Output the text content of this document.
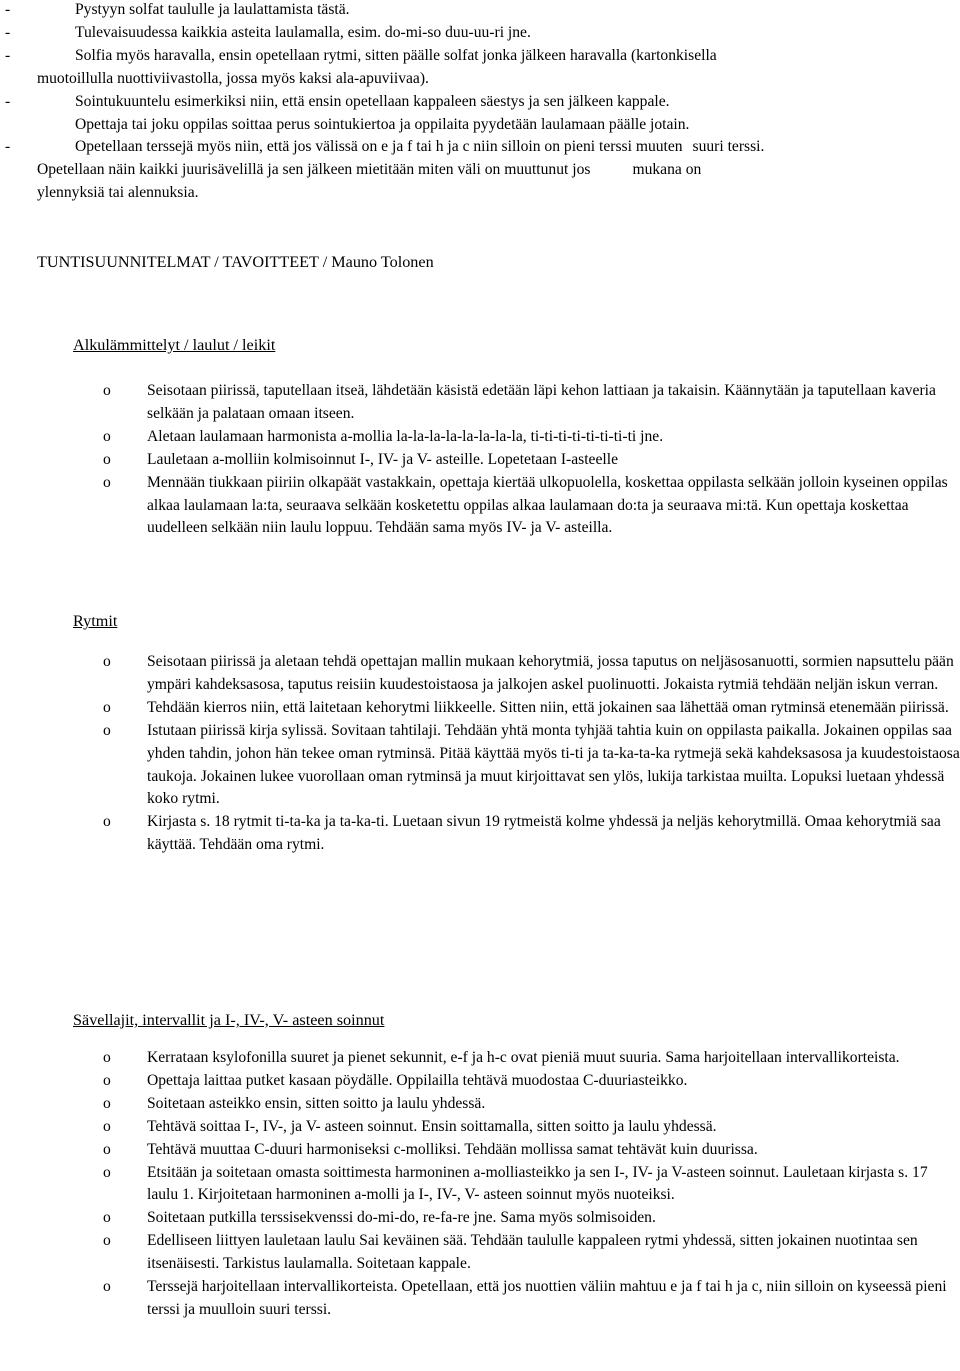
-	Pystyyn solfat taululle ja laulattamista tästä.
-	Tulevaisuudessa kaikkia asteita laulamalla, esim. do-mi-so duu-uu-ri jne.
-	Solfia myös haravalla, ensin opetellaan rytmi, sitten päälle solfat jonka jälkeen haravalla (kartonkisella
muotoillulla nuottiviivastolla, jossa myös kaksi ala-apuviivaa).
-	Sointukuuntelu esimerkiksi niin, että ensin opetellaan kappaleen säestys ja sen jälkeen kappale.
Opettaja tai joku oppilas soittaa perus sointukiertoa ja oppilaita pyydetään laulamaan päälle jotain.
-	Opetellaan terssejä myös niin, että jos välissä on e ja f tai h ja c niin silloin on pieni terssi muuten suuri terssi.
Opetellaan näin kaikki juurisävelillä ja sen jälkeen mietitään miten väli on muuttunut jos	mukana on
ylennyksiä tai alennuksia.
TUNTISUUNNITELMAT / TAVOITTEET / Mauno Tolonen
Alkulämmittelyt / laulut / leikit
o Seisotaan piirissä, taputellaan itseä, lähdetään käsistä edetään läpi kehon lattiaan ja takaisin. Käännytään ja taputellaan kaveria selkään ja palataan omaan itseen.
o Aletaan laulamaan harmonista a-mollia la-la-la-la-la-la-la-la, ti-ti-ti-ti-ti-ti-ti-ti jne.
o Lauletaan a-molliin kolmisoinnut I-, IV- ja V- asteille. Lopetetaan I-asteelle
o Mennään tiukkaan piiriin olkapäät vastakkain, opettaja kiertää ulkopuolella, koskettaa oppilasta selkään jolloin kyseinen oppilas alkaa laulamaan la:ta, seuraava selkään kosketettu oppilas alkaa laulamaan do:ta ja seuraava mi:tä. Kun opettaja koskettaa uudelleen selkään niin laulu loppuu. Tehdään sama myös IV- ja V- asteilla.
Rytmit
o Seisotaan piirissä ja aletaan tehdä opettajan mallin mukaan kehorytmiä, jossa taputus on neljäsosanuotti, sormien napsuttelu pään ympäri kahdeksasosa, taputus reisiin kuudestoistaosa ja jalkojen askel puolinuotti. Jokaista rytmiä tehdään neljän iskun verran.
o Tehdään kierros niin, että laitetaan kehorytmi liikkeelle. Sitten niin, että jokainen saa lähettää oman rytminsä etenemään piirissä.
o Istutaan piirissä kirja sylissä. Sovitaan tahtilaji. Tehdään yhtä monta tyhjää tahtia kuin on oppilasta paikalla. Jokainen oppilas saa yhden tahdin, johon hän tekee oman rytminsä. Pitää käyttää myös ti-ti ja ta-ka-ta-ka rytmejä sekä kahdeksasosa ja kuudestoistaosa taukoja. Jokainen lukee vuorollaan oman rytminsä ja muut kirjoittavat sen ylös, lukija tarkistaa muilta. Lopuksi luetaan yhdessä koko rytmi.
o Kirjasta s. 18 rytmit ti-ta-ka ja ta-ka-ti. Luetaan sivun 19 rytmeistä kolme yhdessä ja neljäs kehorytmillä. Omaa kehorytmiä saa käyttää. Tehdään oma rytmi.
Sävellajit, intervallit ja I-, IV-, V- asteen soinnut
o Kerrataan ksylofonilla suuret ja pienet sekunnit, e-f ja h-c ovat pieniä muut suuria. Sama harjoitellaan intervallikorteista.
o Opettaja laittaa putket kasaan pöydälle. Oppilailla tehtävä muodostaa C-duuriasteikko.
o Soitetaan asteikko ensin, sitten soitto ja laulu yhdessä.
o Tehtävä soittaa I-, IV-, ja V- asteen soinnut. Ensin soittamalla, sitten soitto ja laulu yhdessä.
o Tehtävä muuttaa C-duuri harmoniseksi c-molliksi. Tehdään mollissa samat tehtävät kuin duurissa.
o Etsitään ja soitetaan omasta soittimesta harmoninen a-molliasteikko ja sen I-, IV- ja V-asteen soinnut. Lauletaan kirjasta s. 17 laulu 1. Kirjoitetaan harmoninen a-molli ja I-, IV-, V- asteen soinnut myös nuoteiksi.
o Soitetaan putkilla terssisekvenssi do-mi-do, re-fa-re jne. Sama myös solmisoiden.
o Edelliseen liittyen lauletaan laulu Sai keväinen sää. Tehdään taululle kappaleen rytmi yhdessä, sitten jokainen nuotintaa sen itsenäisesti. Tarkistus laulamalla. Soitetaan kappale.
o Terssejä harjoitellaan intervallikorteista. Opetellaan, että jos nuottien väliin mahtuu e ja f tai h ja c, niin silloin on kyseessä pieni terssi ja muulloin suuri terssi.
